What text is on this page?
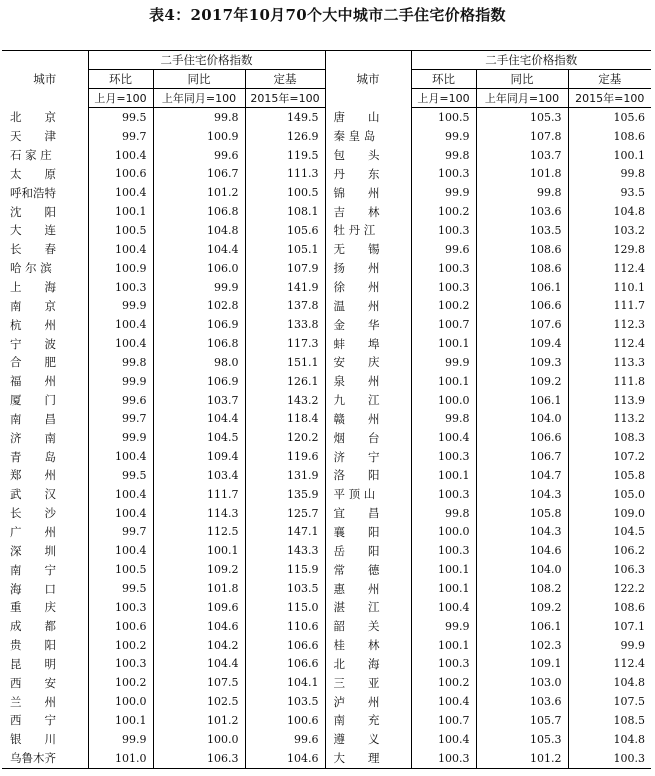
表4：2017年10月70个大中城市二手住宅价格指数
城市	二手住宅价格指数			城市	二手住宅价格指数		
	环比	同比	定基		环比	同比	定基
	上月=100	上年同月=100	2015年=100		上月=100	上年同月=100	2015年=100
北　　京	99.5	99.8	149.5	唐　　山	100.5	105.3	105.6
天　　津	99.7	100.9	126.9	秦 皇 岛	99.9	107.8	108.6
石 家 庄	100.4	99.6	119.5	包　　头	99.8	103.7	100.1
太　　原	100.6	106.7	111.3	丹　　东	100.3	101.8	99.8
呼和浩特	100.4	101.2	100.5	锦　　州	99.9	99.8	93.5
沈　　阳	100.1	106.8	108.1	吉　　林	100.2	103.6	104.8
大　　连	100.5	104.8	105.6	牡 丹 江	100.3	103.5	103.2
长　　春	100.4	104.4	105.1	无　　锡	99.6	108.6	129.8
哈 尔 滨	100.9	106.0	107.9	扬　　州	100.3	108.6	112.4
上　　海	100.3	99.9	141.9	徐　　州	100.3	106.1	110.1
南　　京	99.9	102.8	137.8	温　　州	100.2	106.6	111.7
杭　　州	100.4	106.9	133.8	金　　华	100.7	107.6	112.3
宁　　波	100.4	106.8	117.3	蚌　　埠	100.1	109.4	112.4
合　　肥	99.8	98.0	151.1	安　　庆	99.9	109.3	113.3
福　　州	99.9	106.9	126.1	泉　　州	100.1	109.2	111.8
厦　　门	99.6	103.7	143.2	九　　江	100.0	106.1	113.9
南　　昌	99.7	104.4	118.4	赣　　州	99.8	104.0	113.2
济　　南	99.9	104.5	120.2	烟　　台	100.4	106.6	108.3
青　　岛	100.4	109.4	119.6	济　　宁	100.3	106.7	107.2
郑　　州	99.5	103.4	131.9	洛　　阳	100.1	104.7	105.8
武　　汉	100.4	111.7	135.9	平 顶 山	100.3	104.3	105.0
长　　沙	100.4	114.3	125.7	宜　　昌	99.8	105.8	109.0
广　　州	99.7	112.5	147.1	襄　　阳	100.0	104.3	104.5
深　　圳	100.4	100.1	143.3	岳　　阳	100.3	104.6	106.2
南　　宁	100.5	109.2	115.9	常　　德	100.1	104.0	106.3
海　　口	99.5	101.8	103.5	惠　　州	100.1	108.2	122.2
重　　庆	100.3	109.6	115.0	湛　　江	100.4	109.2	108.6
成　　都	100.6	104.6	110.6	韶　　关	99.9	106.1	107.1
贵　　阳	100.2	104.2	106.6	桂　　林	100.1	102.3	99.9
昆　　明	100.3	104.4	106.6	北　　海	100.3	109.1	112.4
西　　安	100.2	107.5	104.1	三　　亚	100.2	103.0	104.8
兰　　州	100.0	102.5	103.5	泸　　州	100.4	103.6	107.5
西　　宁	100.1	101.2	100.6	南　　充	100.7	105.7	108.5
银　　川	99.9	100.0	99.6	遵　　义	100.4	105.3	104.8
乌鲁木齐	101.0	106.3	104.6	大　　理	100.3	101.2	100.3
